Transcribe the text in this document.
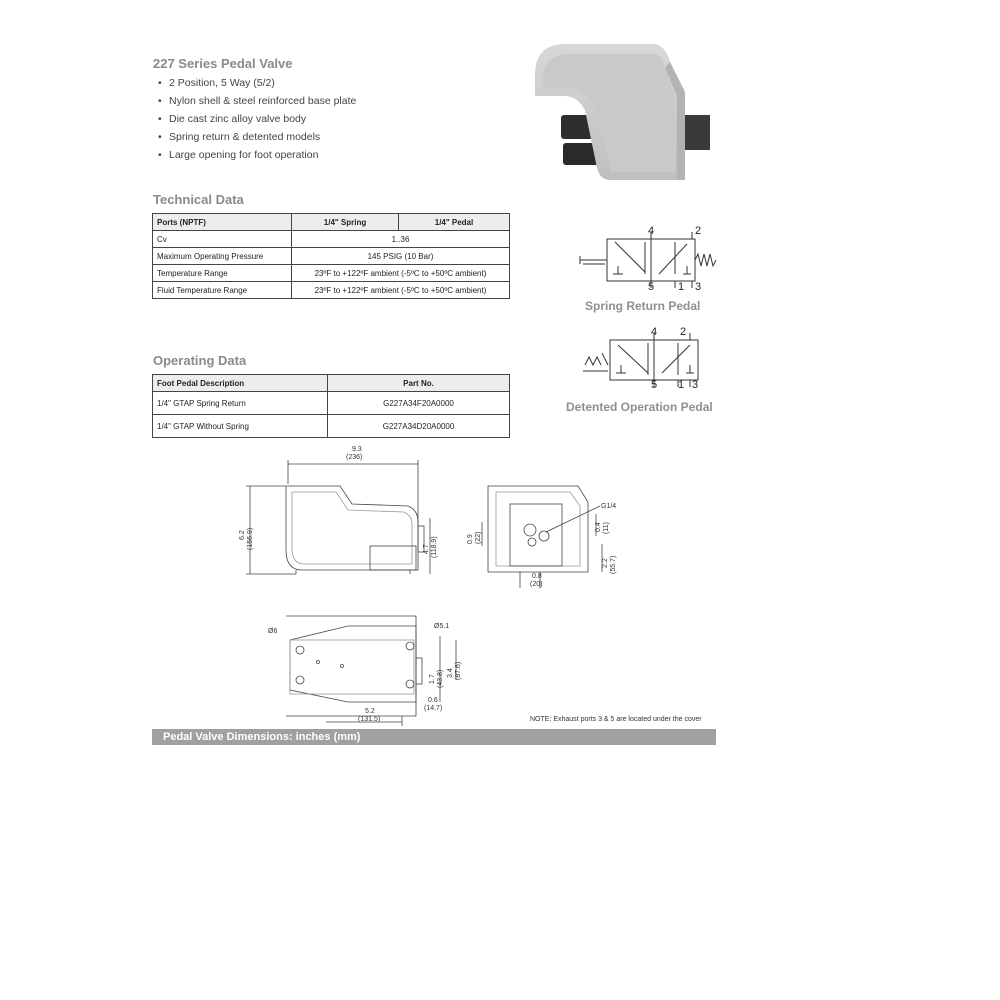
227 Series Pedal Valve
• 2 Position, 5 Way (5/2)
• Nylon shell & steel reinforced base plate
• Die cast zinc alloy valve body
• Spring return & detented models
• Large opening for foot operation
Technical Data
Ports (NPTF)	1/4" Spring	1/4" Pedal
Cv	1..36	
Maximum Operating Pressure	145 PSIG (10 Bar)	
Temperature Range	23ºF to +122ºF ambient (-5ºC to +50ºC ambient)	
Fluid Temperature Range	23ºF to +122ºF ambient (-5ºC to +50ºC ambient)	
Operating Data
Foot Pedal Description	Part No.
1/4" GTAP Spring Return	G227A34F20A0000
1/4" GTAP Without Spring	G227A34D20A0000
4	2
5 1 3
Spring Return Pedal
4 2
5 1 3
Detented Operation Pedal
9.3
(236)
6.2 (156.9)	4.7 (118.9)	0.9 (22)
G1/4
0.4 (11)
2.2 (55.7)
0.8
(20)
Ø6
Ø5.1
1.7 (43.8) 3.4 (87.6)
0.6
(14.7)
5.2
(131.5)	NOTE: Exhaust ports 3 & 5 are located under the cover
Pedal Valve Dimensions: inches (mm)
